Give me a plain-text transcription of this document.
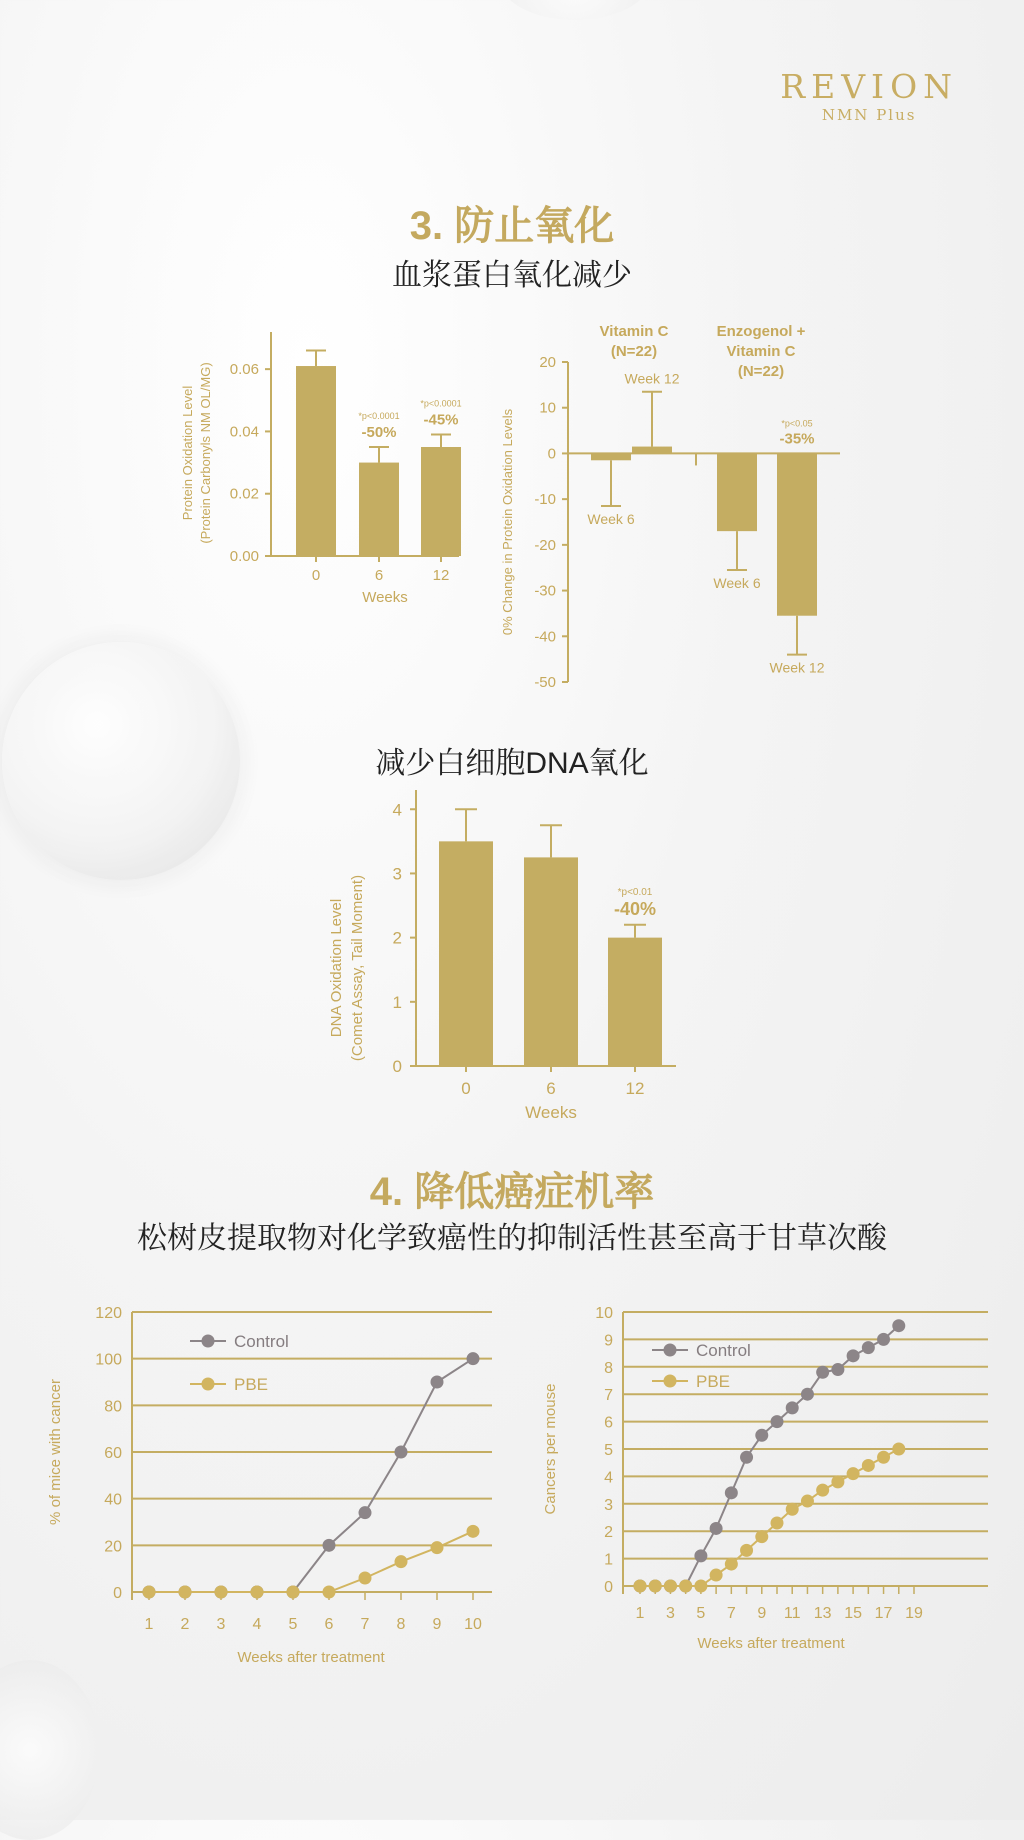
REVION
NMN Plus
3. 防止氧化
血浆蛋白氧化减少
减少白细胞DNA氧化
4. 降低癌症机率
松树皮提取物对化学致癌性的抑制活性甚至高于甘草次酸
0.00
0.02
0.04
0.06
0	6	12
-50%
*p<0.0001 -45%
*p<0.0001
Weeks
Protein Oxidation Level (Protein Carbonyls NM OL/MG)	20
10
0
-10
-20
-30
-40
-50
Week 6
Week 12
Vitamin C
(N=22)
Week 6
Week 12
Enzogenol +
Vitamin C
(N=22)
-35%
*p<0.05
0% Change in Protein Oxidation Levels
0
1
2
3
4
0	6	12
-40%
*p<0.01
Weeks
DNA Oxidation Level (Comet Assay, Tail Moment)
0
20
40
60
80
100
120
1 2 3 4 5 6 7 8 9 10
Control
PBE
Weeks after treatment
% of mice with cancer
0
1
2
3
4
5
6
7
8
9
10
1 3 5 7 9 11 13 15 17 19
Control
PBE
Weeks after treatment
Cancers per mouse
